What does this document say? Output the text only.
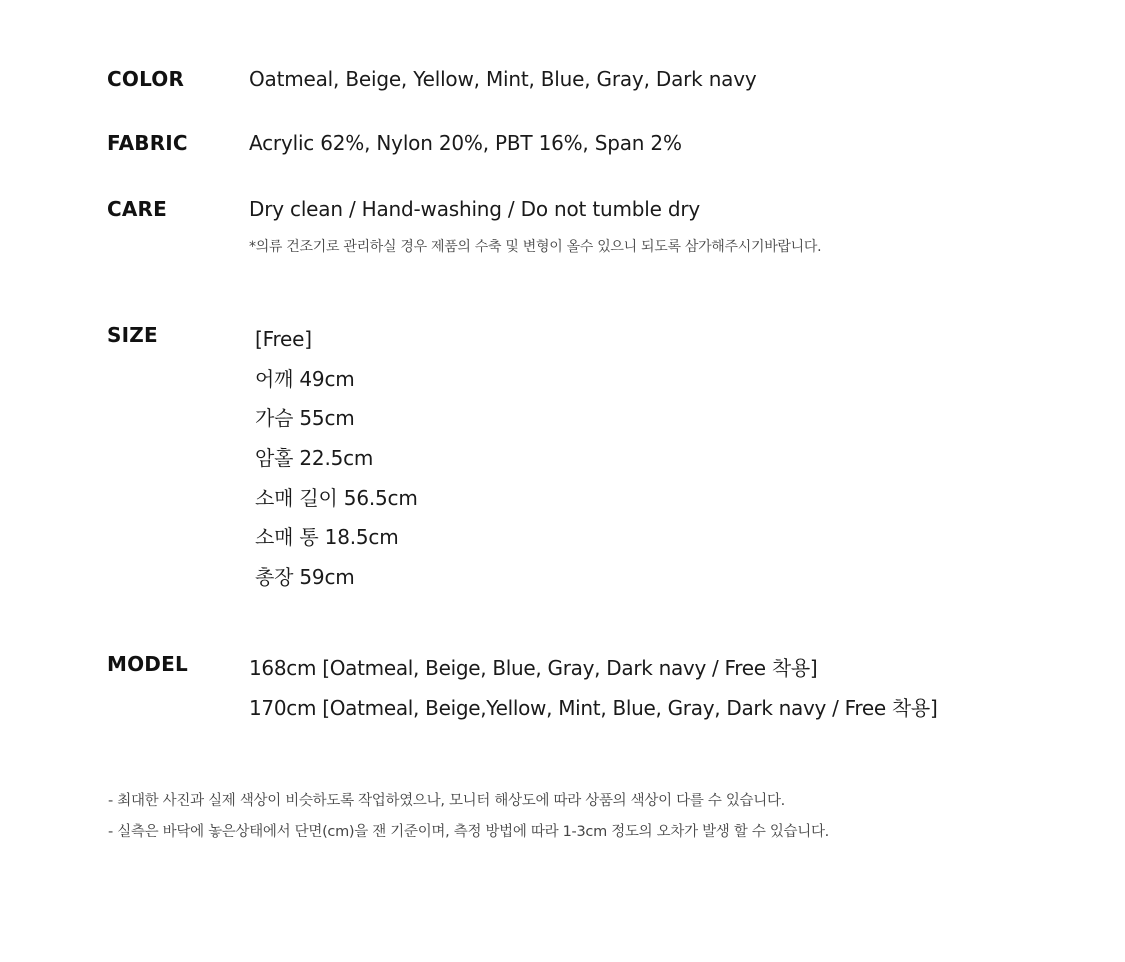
COLOR	Oatmeal, Beige, Yellow, Mint, Blue, Gray, Dark navy
FABRIC	Acrylic 62%, Nylon 20%, PBT 16%, Span 2%
CARE	Dry clean / Hand-washing / Do not tumble dry
*의류 건조기로 관리하실 경우 제품의 수축 및 변형이 올수 있으니 되도록 삼가해주시기바랍니다.
SIZE	[Free]
어깨 49cm
가슴 55cm
암홀 22.5cm
소매 길이 56.5cm
소매 통 18.5cm
총장 59cm
MODEL	168cm [Oatmeal, Beige, Blue, Gray, Dark navy / Free 착용]
170cm [Oatmeal, Beige,Yellow, Mint, Blue, Gray, Dark navy / Free 착용]
- 최대한 사진과 실제 색상이 비슷하도록 작업하였으나, 모니터 해상도에 따라 상품의 색상이 다를 수 있습니다.
- 실측은 바닥에 놓은상태에서 단면(cm)을 잰 기준이며, 측정 방법에 따라 1-3cm 정도의 오차가 발생 할 수 있습니다.
